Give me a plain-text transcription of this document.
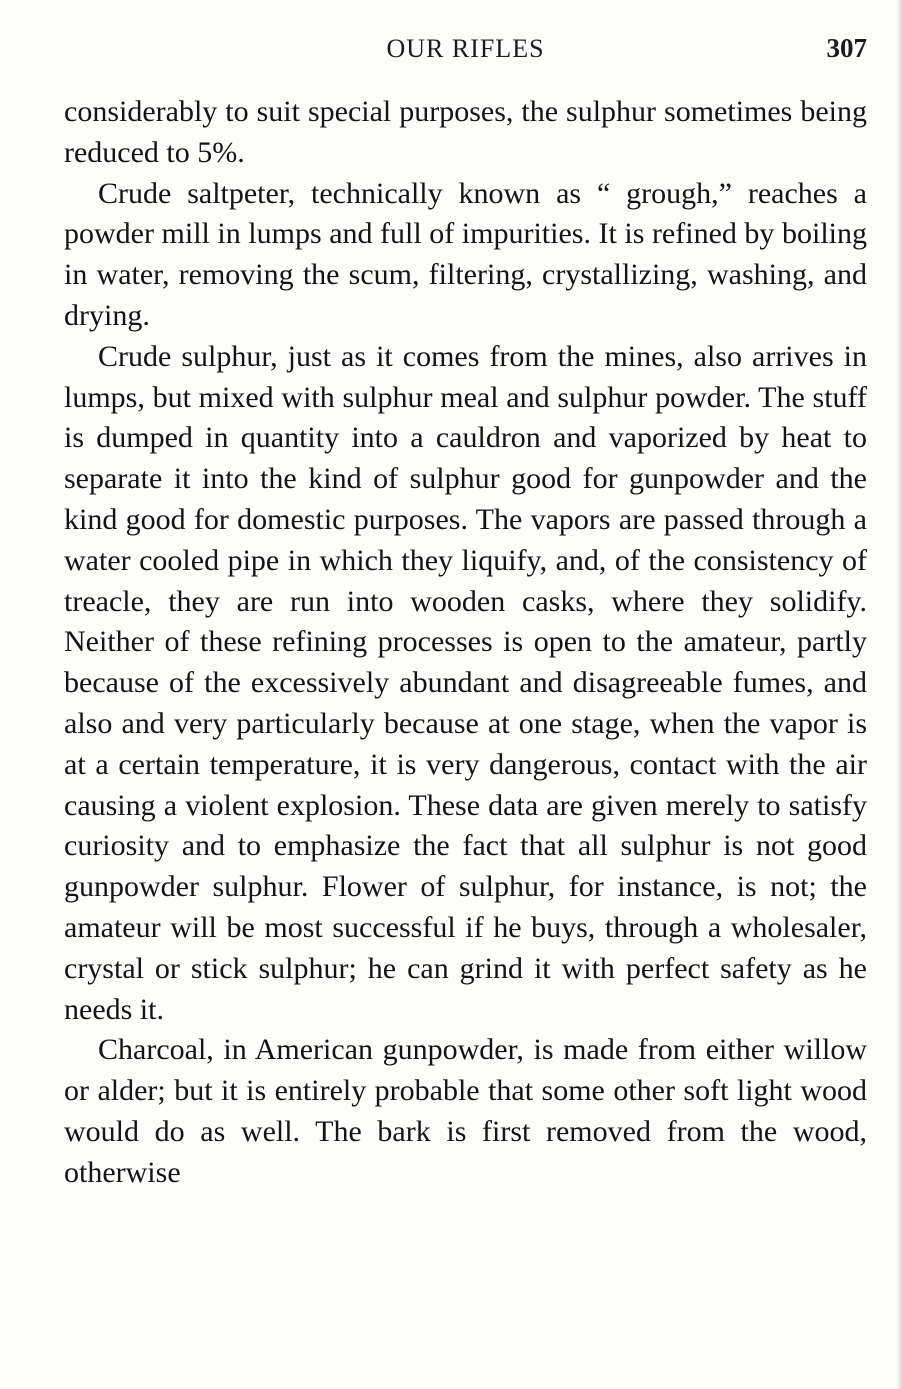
OUR RIFLES	307

considerably to suit special purposes, the sulphur sometimes being reduced to 5%.

Crude saltpeter, technically known as “ grough,” reaches a powder mill in lumps and full of impurities. It is refined by boiling in water, removing the scum, filtering, crystallizing, washing, and drying.

Crude sulphur, just as it comes from the mines, also arrives in lumps, but mixed with sulphur meal and sulphur powder. The stuff is dumped in quantity into a cauldron and vaporized by heat to separate it into the kind of sulphur good for gunpowder and the kind good for domestic purposes. The vapors are passed through a water cooled pipe in which they liquify, and, of the consistency of treacle, they are run into wooden casks, where they solidify. Neither of these refining processes is open to the amateur, partly because of the excessively abundant and disagreeable fumes, and also and very particularly because at one stage, when the vapor is at a certain temperature, it is very dangerous, contact with the air causing a violent explosion. These data are given merely to satisfy curiosity and to emphasize the fact that all sulphur is not good gunpowder sulphur. Flower of sulphur, for instance, is not; the amateur will be most successful if he buys, through a wholesaler, crystal or stick sulphur; he can grind it with perfect safety as he needs it.

Charcoal, in American gunpowder, is made from either willow or alder; but it is entirely probable that some other soft light wood would do as well. The bark is first removed from the wood, otherwise
